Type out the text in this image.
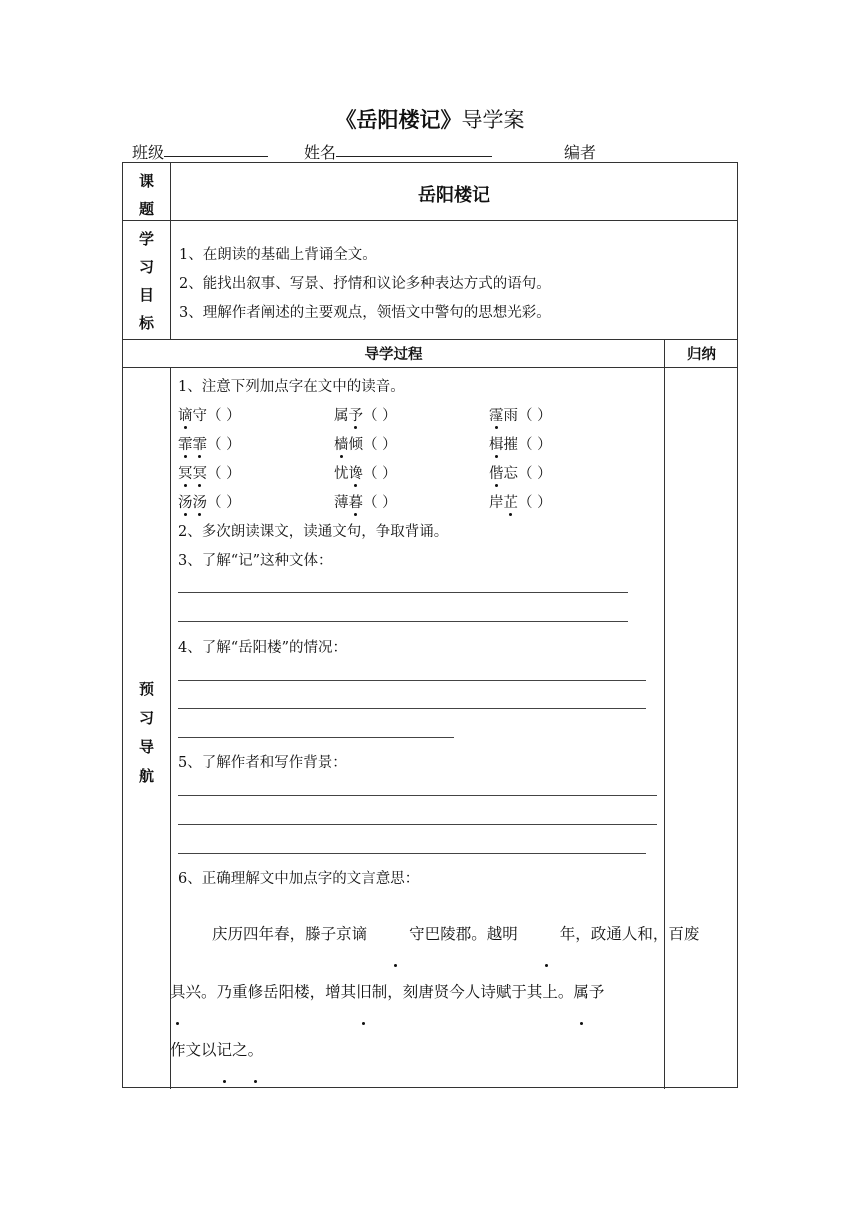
《岳阳楼记》导学案
班级	姓名	编者
课
题
岳阳楼记
学
习
目
标
1、在朗读的基础上背诵全文。
2、能找出叙事、写景、抒情和议论多种表达方式的语句。
3、理解作者阐述的主要观点，领悟文中警句的思想光彩。
导学过程	归纳
预
习
导
航
1、注意下列加点字在文中的读音。
谪守（ ）	属予（ ）	霪雨（ ）
霏霏（ ）	樯倾（ ）	楫摧（ ）
冥冥（ ）	忧谗（ ）	偕忘（ ）
汤汤（ ）	薄暮（ ）	岸芷（ ）
2、多次朗读课文，读通文句，争取背诵。
3、了解“记”这种文体：
4、了解“岳阳楼”的情况：
5、了解作者和写作背景：
6、正确理解文中加点字的文言意思：

庆历四年春，滕子京谪	守巴陵郡。越明	年，政通人和，百废

具兴。乃重修岳阳楼，增其旧制，刻唐贤今人诗赋于其上。属予

作文以记之。
